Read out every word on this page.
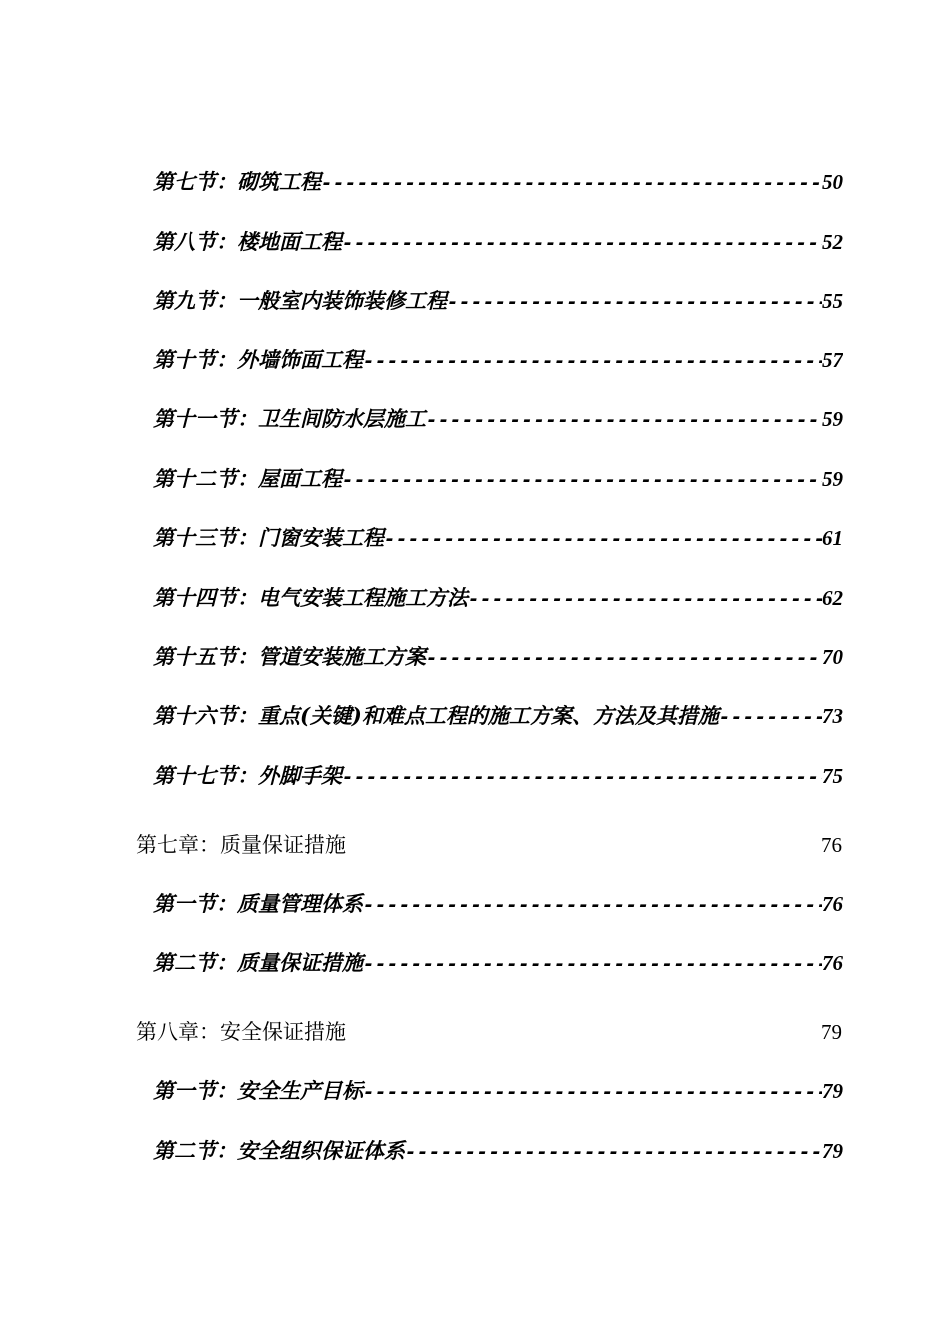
第七节：砌筑工程 -----	50
第八节：楼地面工程 -----	52
第九节：一般室内装饰装修工程 -----	55
第十节：外墙饰面工程 -----	57
第十一节：卫生间防水层施工 -----	59
第十二节：屋面工程 -----	59
第十三节：门窗安装工程 -----	61
第十四节：电气安装工程施工方法 -----	62
第十五节：管道安装施工方案 -----	70
第十六节：重点(关键)和难点工程的施工方案、方法及其措施 -----	73
第十七节：外脚手架 -----	75
第七章：质量保证措施	76
第一节：质量管理体系 -----	76
第二节：质量保证措施 -----	76
第八章：安全保证措施	79
第一节：安全生产目标 -----	79
第二节：安全组织保证体系 -----	79
